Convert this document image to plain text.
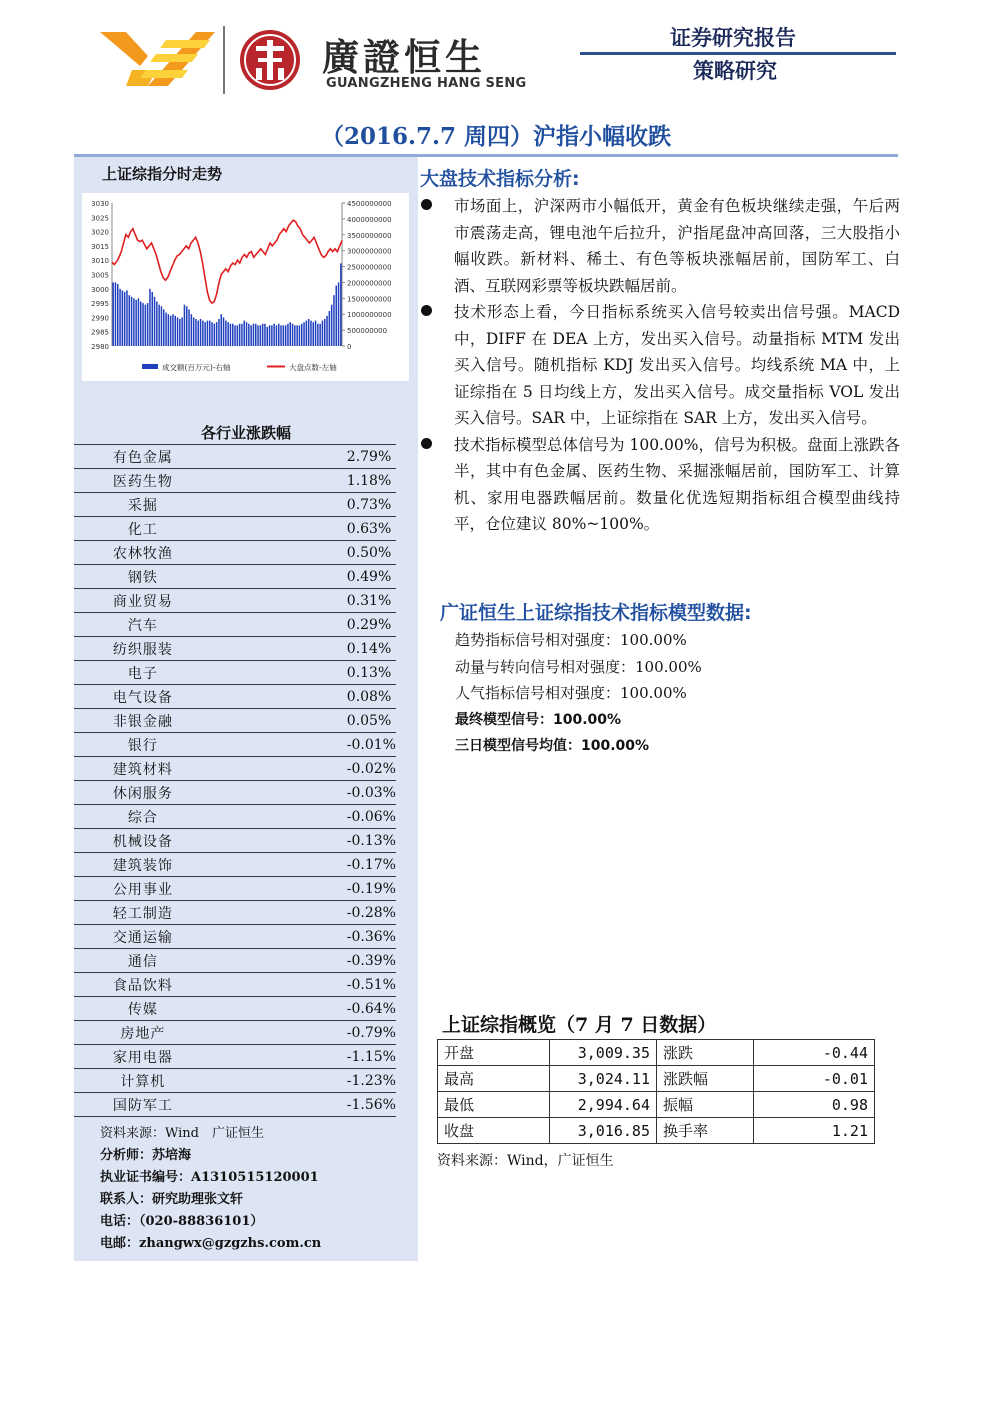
廣證恒生
GUANGZHENG HANG SENG
证券研究报告
策略研究
（2016.7.7 周四）沪指小幅收跌
上证综指分时走势
3030
3025
3020
3015
3010
3005
3000
2995
2990
2985
2980
4500000000
4000000000
3500000000
3000000000
2500000000
2000000000
1500000000
1000000000
500000000
0
成交额(百万元)-右轴	大盘点数-左轴
各行业涨跌幅
有色金属	2.79%
医药生物	1.18%
采掘	0.73%
化工	0.63%
农林牧渔	0.50%
钢铁	0.49%
商业贸易	0.31%
汽车	0.29%
纺织服装	0.14%
电子	0.13%
电气设备	0.08%
非银金融	0.05%
银行	-0.01%
建筑材料	-0.02%
休闲服务	-0.03%
综合	-0.06%
机械设备	-0.13%
建筑装饰	-0.17%
公用事业	-0.19%
轻工制造	-0.28%
交通运输	-0.36%
通信	-0.39%
食品饮料	-0.51%
传媒	-0.64%
房地产	-0.79%
家用电器	-1.15%
计算机	-1.23%
国防军工	-1.56%
资料来源：Wind　广证恒生
分析师：苏培海
执业证书编号：A1310515120001
联系人：研究助理张文轩
电话：（020-88836101）
电邮：zhangwx@gzgzhs.com.cn
大盘技术指标分析:
市场面上，沪深两市小幅低开，黄金有色板块继续走强，午后两市震荡走高，锂电池午后拉升，沪指尾盘冲高回落，三大股指小幅收跌。新材料、稀土、有色等板块涨幅居前，国防军工、白酒、互联网彩票等板块跌幅居前。
技术形态上看，今日指标系统买入信号较卖出信号强。MACD 中，DIFF 在 DEA 上方，发出买入信号。动量指标 MTM 发出买入信号。随机指标 KDJ 发出买入信号。均线系统 MA 中，上证综指在 5 日均线上方，发出买入信号。成交量指标 VOL 发出买入信号。SAR 中，上证综指在 SAR 上方，发出买入信号。
技术指标模型总体信号为 100.00%，信号为积极。盘面上涨跌各半，其中有色金属、医药生物、采掘涨幅居前，国防军工、计算机、家用电器跌幅居前。数量化优选短期指标组合模型曲线持平，仓位建议 80%~100%。
广证恒生上证综指技术指标模型数据:
趋势指标信号相对强度：100.00%
动量与转向信号相对强度：100.00%
人气指标信号相对强度：100.00%
最终模型信号：100.00%
三日模型信号均值：100.00%
上证综指概览（7 月 7 日数据）
开盘	3,009.35	涨跌	-0.44
最高	3,024.11	涨跌幅	-0.01
最低	2,994.64	振幅	0.98
收盘	3,016.85	换手率	1.21
资料来源：Wind，广证恒生
